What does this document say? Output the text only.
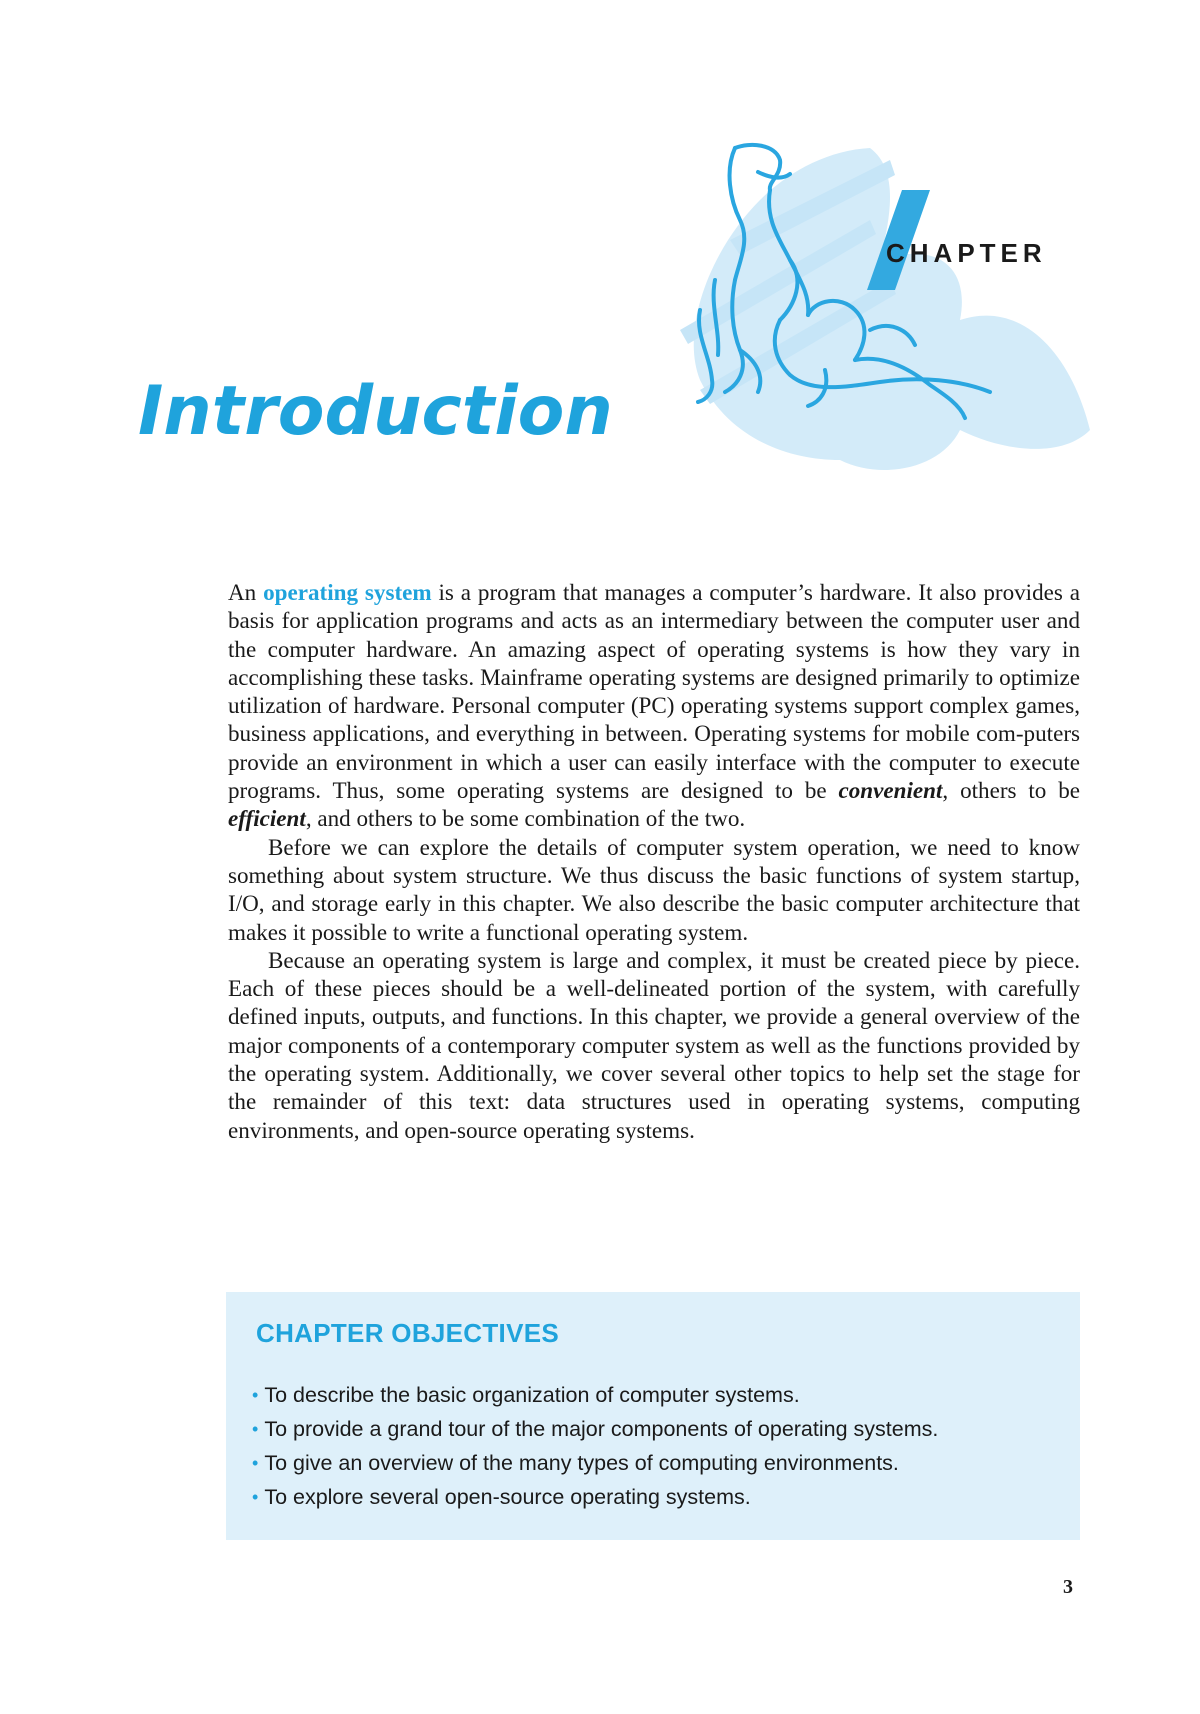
CHAPTER
Introduction

An operating system is a program that manages a computer’s hardware. It also provides a basis for application programs and acts as an intermediary between the computer user and the computer hardware. An amazing aspect of operating systems is how they vary in accomplishing these tasks. Mainframe operating systems are designed primarily to optimize utilization of hardware. Personal computer (PC) operating systems support complex games, business applications, and everything in between. Operating systems for mobile com-puters provide an environment in which a user can easily interface with the computer to execute programs. Thus, some operating systems are designed to be convenient, others to be efficient, and others to be some combination of the two.

Before we can explore the details of computer system operation, we need to know something about system structure. We thus discuss the basic functions of system startup, I/O, and storage early in this chapter. We also describe the basic computer architecture that makes it possible to write a functional operating system.

Because an operating system is large and complex, it must be created piece by piece. Each of these pieces should be a well-delineated portion of the system, with carefully defined inputs, outputs, and functions. In this chapter, we provide a general overview of the major components of a contemporary computer system as well as the functions provided by the operating system. Additionally, we cover several other topics to help set the stage for the remainder of this text: data structures used in operating systems, computing environments, and open-source operating systems.

CHAPTER OBJECTIVES
• To describe the basic organization of computer systems.
• To provide a grand tour of the major components of operating systems.
• To give an overview of the many types of computing environments.
• To explore several open-source operating systems.
3
